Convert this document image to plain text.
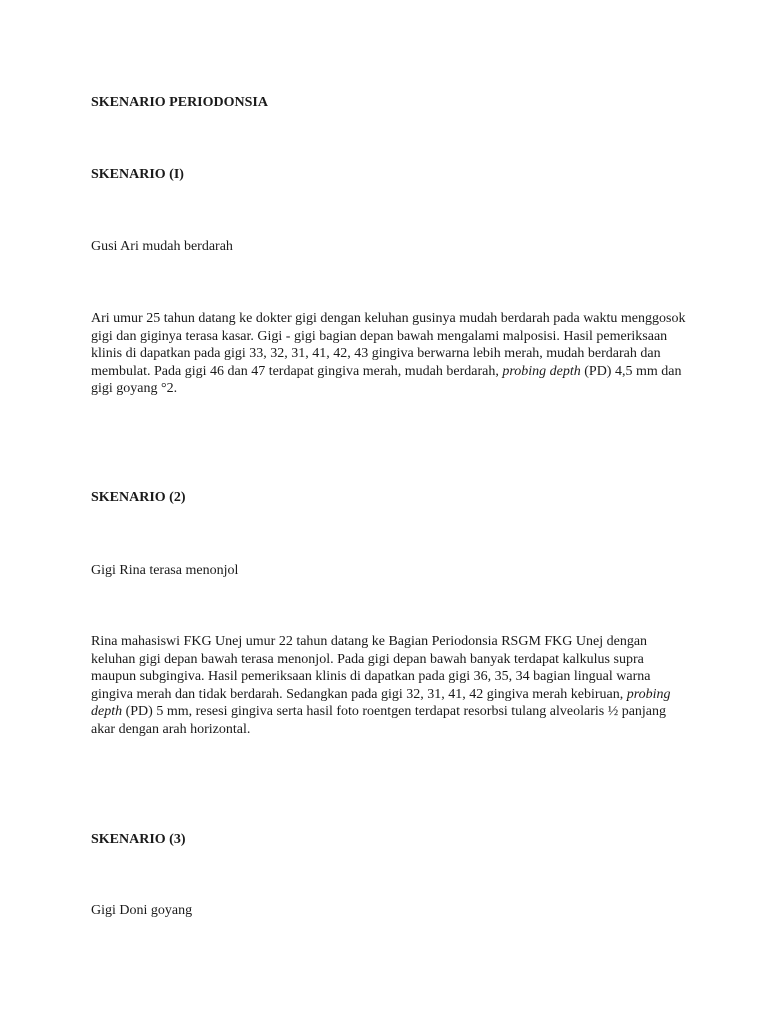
SKENARIO PERIODONSIA
SKENARIO (I)
Gusi Ari mudah berdarah
Ari umur 25 tahun datang ke dokter gigi dengan keluhan gusinya mudah berdarah pada waktu menggosok gigi dan giginya terasa kasar. Gigi - gigi bagian depan bawah mengalami malposisi. Hasil pemeriksaan klinis di dapatkan pada gigi 33, 32, 31, 41, 42, 43 gingiva berwarna lebih merah, mudah berdarah dan membulat. Pada gigi 46 dan 47 terdapat gingiva merah, mudah berdarah, probing depth (PD) 4,5 mm dan gigi goyang °2.
SKENARIO (2)
Gigi Rina terasa menonjol
Rina mahasiswi FKG Unej umur 22 tahun datang ke Bagian Periodonsia RSGM FKG Unej dengan keluhan gigi depan bawah terasa menonjol. Pada gigi depan bawah banyak terdapat kalkulus supra maupun subgingiva. Hasil pemeriksaan klinis di dapatkan pada gigi 36, 35, 34 bagian lingual warna gingiva merah dan tidak berdarah. Sedangkan pada gigi 32, 31, 41, 42 gingiva merah kebiruan, probing depth (PD) 5 mm, resesi gingiva serta hasil foto roentgen terdapat resorbsi tulang alveolaris ½ panjang akar dengan arah horizontal.
SKENARIO (3)
Gigi Doni goyang
